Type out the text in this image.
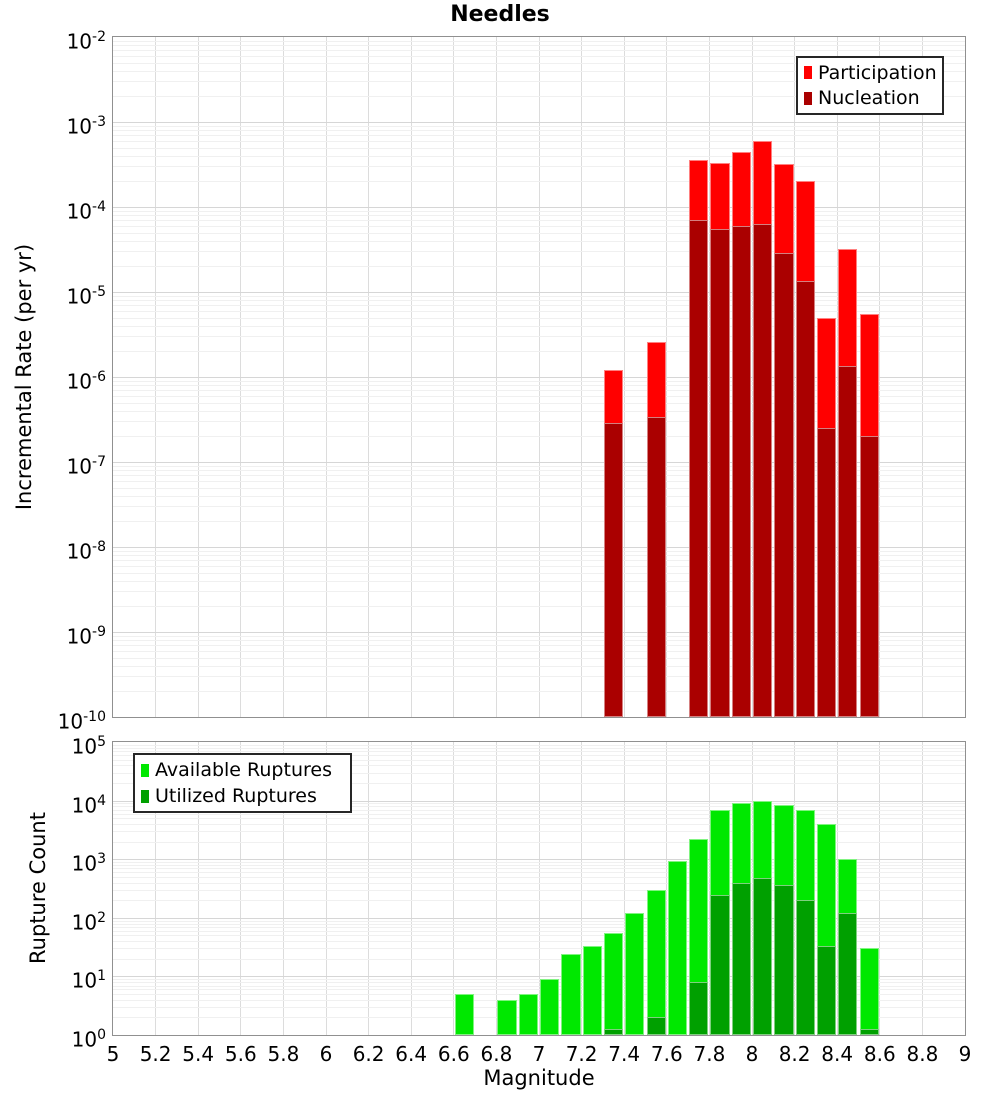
Needles
Incremental Rate (per yr)
Rupture Count
Magnitude
Participation
Nucleation
Available Ruptures
Utilized Ruptures
$10^{-2}$
$10^{-3}$
$10^{-4}$
$10^{-5}$
$10^{-6}$
$10^{-7}$
$10^{-8}$
$10^{-9}$
$10^{-10}$
$10^5$
$10^4$
$10^3$
$10^2$
$10^1$
$10^0$
5	5.2 5.4 5.6 5.8	6	6.2 6.4 6.6 6.8	7	7.2 7.4 7.6 7.8	8	8.2 8.4 8.6 8.8	9
